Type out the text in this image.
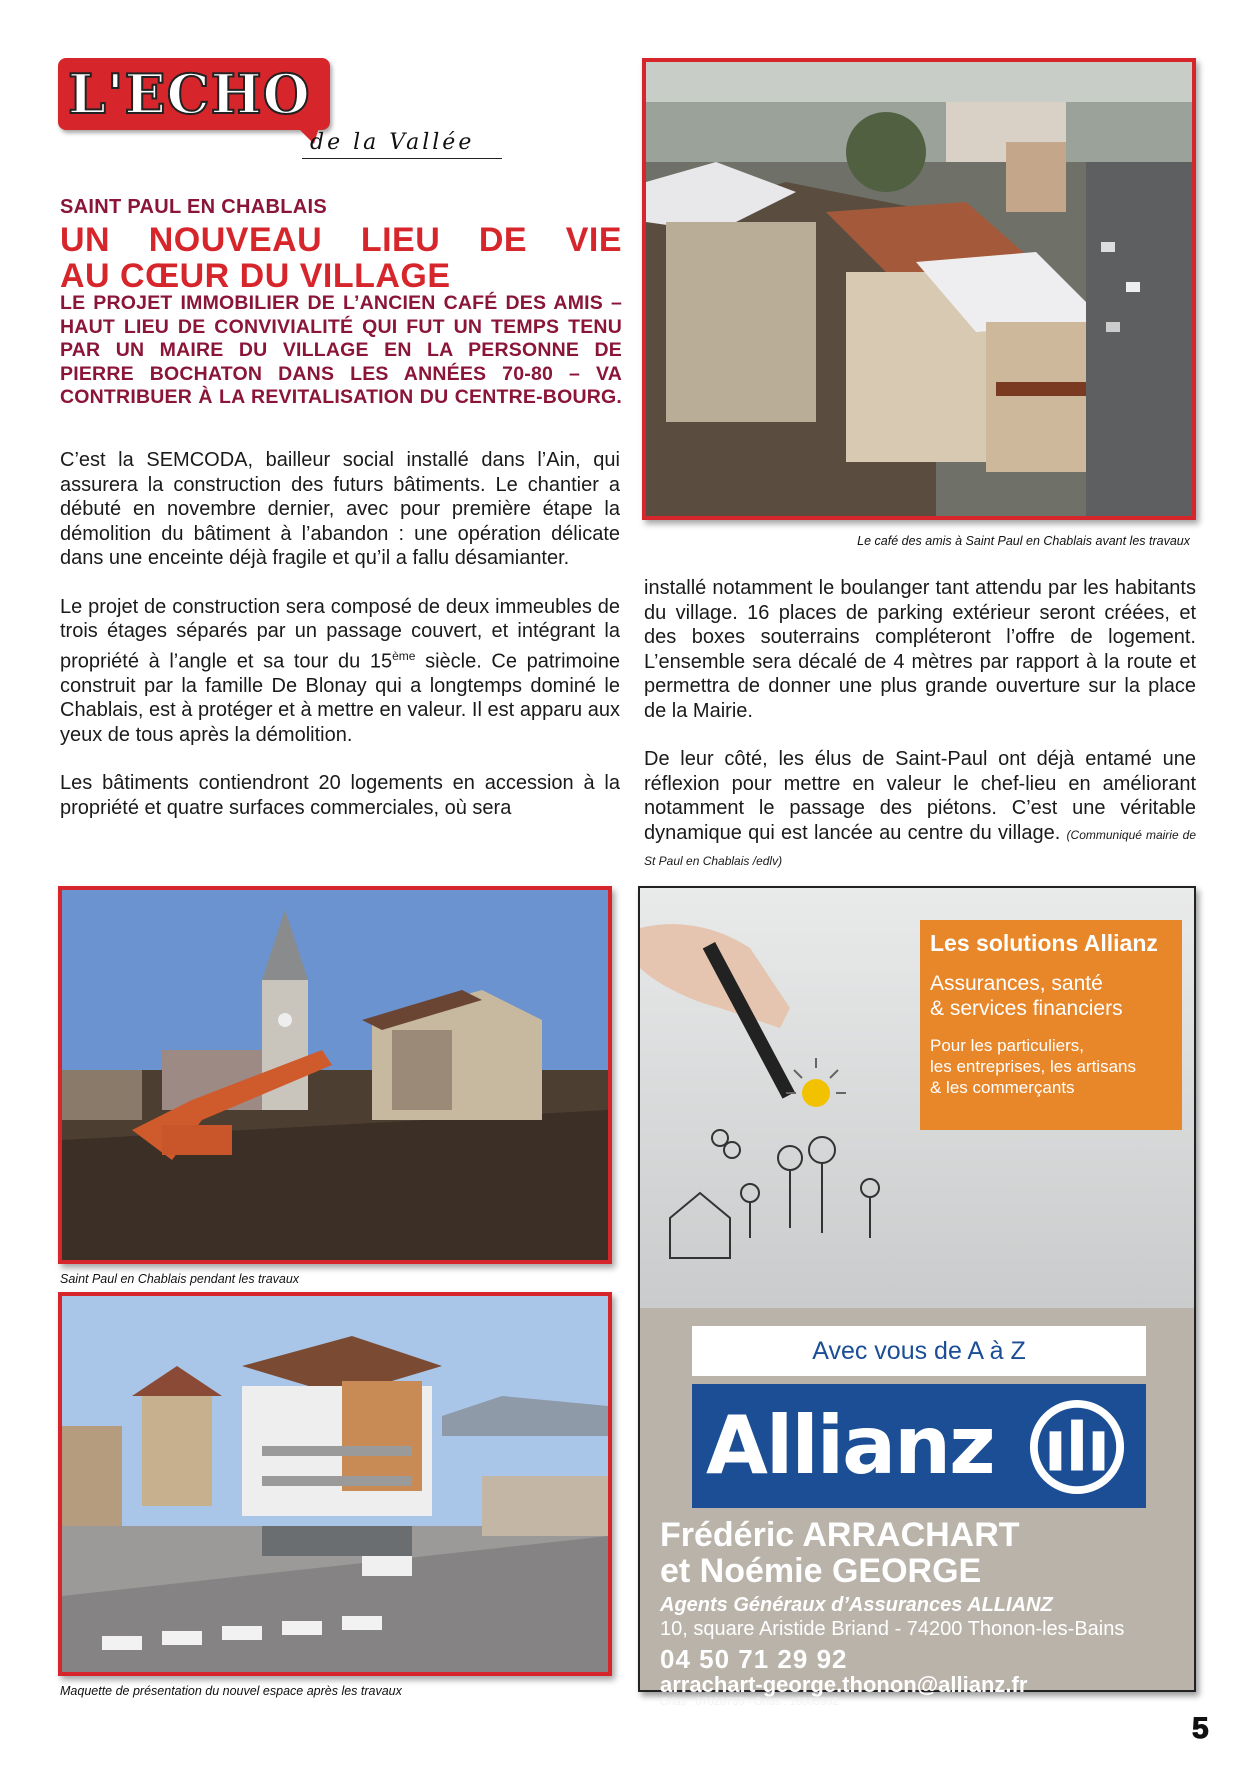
L'ECHO
de la Vallée
SAINT PAUL EN CHABLAIS
UN NOUVEAU LIEU DE VIE
AU CŒUR DU VILLAGE
LE PROJET IMMOBILIER DE L’ANCIEN CAFÉ DES AMIS – HAUT LIEU DE CONVIVIALITÉ QUI FUT UN TEMPS TENU PAR UN MAIRE DU VILLAGE EN LA PERSONNE DE PIERRE BOCHATON DANS LES ANNÉES 70-80 – VA CONTRIBUER À LA REVITALISATION DU CENTRE-BOURG.

C’est la SEMCODA, bailleur social installé dans l’Ain, qui assurera la construction des futurs bâtiments. Le chantier a débuté en novembre dernier, avec pour première étape la démolition du bâtiment à l’abandon : une opération délicate dans une enceinte déjà fragile et qu’il a fallu désamianter.

Le projet de construction sera composé de deux immeubles de trois étages séparés par un passage couvert, et intégrant la propriété à l’angle et sa tour du 15ème siècle. Ce patrimoine construit par la famille De Blonay qui a longtemps dominé le Chablais, est à protéger et à mettre en valeur. Il est apparu aux yeux de tous après la démolition.

Les bâtiments contiendront 20 logements en accession à la propriété et quatre surfaces commerciales, où sera

installé notamment le boulanger tant attendu par les habitants du village. 16 places de parking extérieur seront créées, et des boxes souterrains compléteront l’offre de logement. L’ensemble sera décalé de 4 mètres par rapport à la route et permettra de donner une plus grande ouverture sur la place de la Mairie.

De leur côté, les élus de Saint-Paul ont déjà entamé une réflexion pour mettre en valeur le chef-lieu en améliorant notamment le passage des piétons. C’est une véritable dynamique qui est lancée au centre du village. (Communiqué mairie de St Paul en Chablais /edlv)

Le café des amis à Saint Paul en Chablais avant les travaux
Saint Paul en Chablais pendant les travaux
Maquette de présentation du nouvel espace après les travaux
Les solutions Allianz
Assurances, santé
& services financiers
Pour les particuliers,
les entreprises, les artisans
& les commerçants
Avec vous de A à Z
Allianz
Frédéric ARRACHART
et Noémie GEORGE
Agents Généraux d’Assurances ALLIANZ
10, square Aristide Briand - 74200 Thonon-les-Bains
04 50 71 29 92
arrachart-george.thonon@allianz.fr
Orias : 07020735 - Orias : 16005992
5
